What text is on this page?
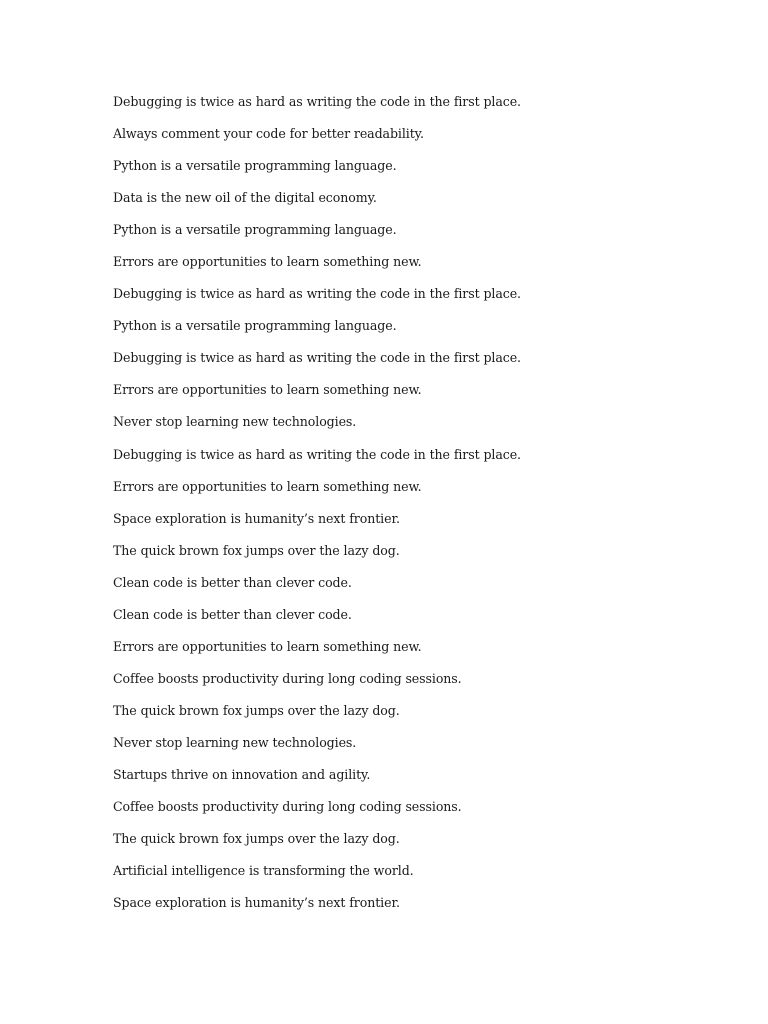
Debugging is twice as hard as writing the code in the first place.
Always comment your code for better readability.
Python is a versatile programming language.
Data is the new oil of the digital economy.
Python is a versatile programming language.
Errors are opportunities to learn something new.
Debugging is twice as hard as writing the code in the first place.
Python is a versatile programming language.
Debugging is twice as hard as writing the code in the first place.
Errors are opportunities to learn something new.
Never stop learning new technologies.
Debugging is twice as hard as writing the code in the first place.
Errors are opportunities to learn something new.
Space exploration is humanity’s next frontier.
The quick brown fox jumps over the lazy dog.
Clean code is better than clever code.
Clean code is better than clever code.
Errors are opportunities to learn something new.
Coffee boosts productivity during long coding sessions.
The quick brown fox jumps over the lazy dog.
Never stop learning new technologies.
Startups thrive on innovation and agility.
Coffee boosts productivity during long coding sessions.
The quick brown fox jumps over the lazy dog.
Artificial intelligence is transforming the world.
Space exploration is humanity’s next frontier.
